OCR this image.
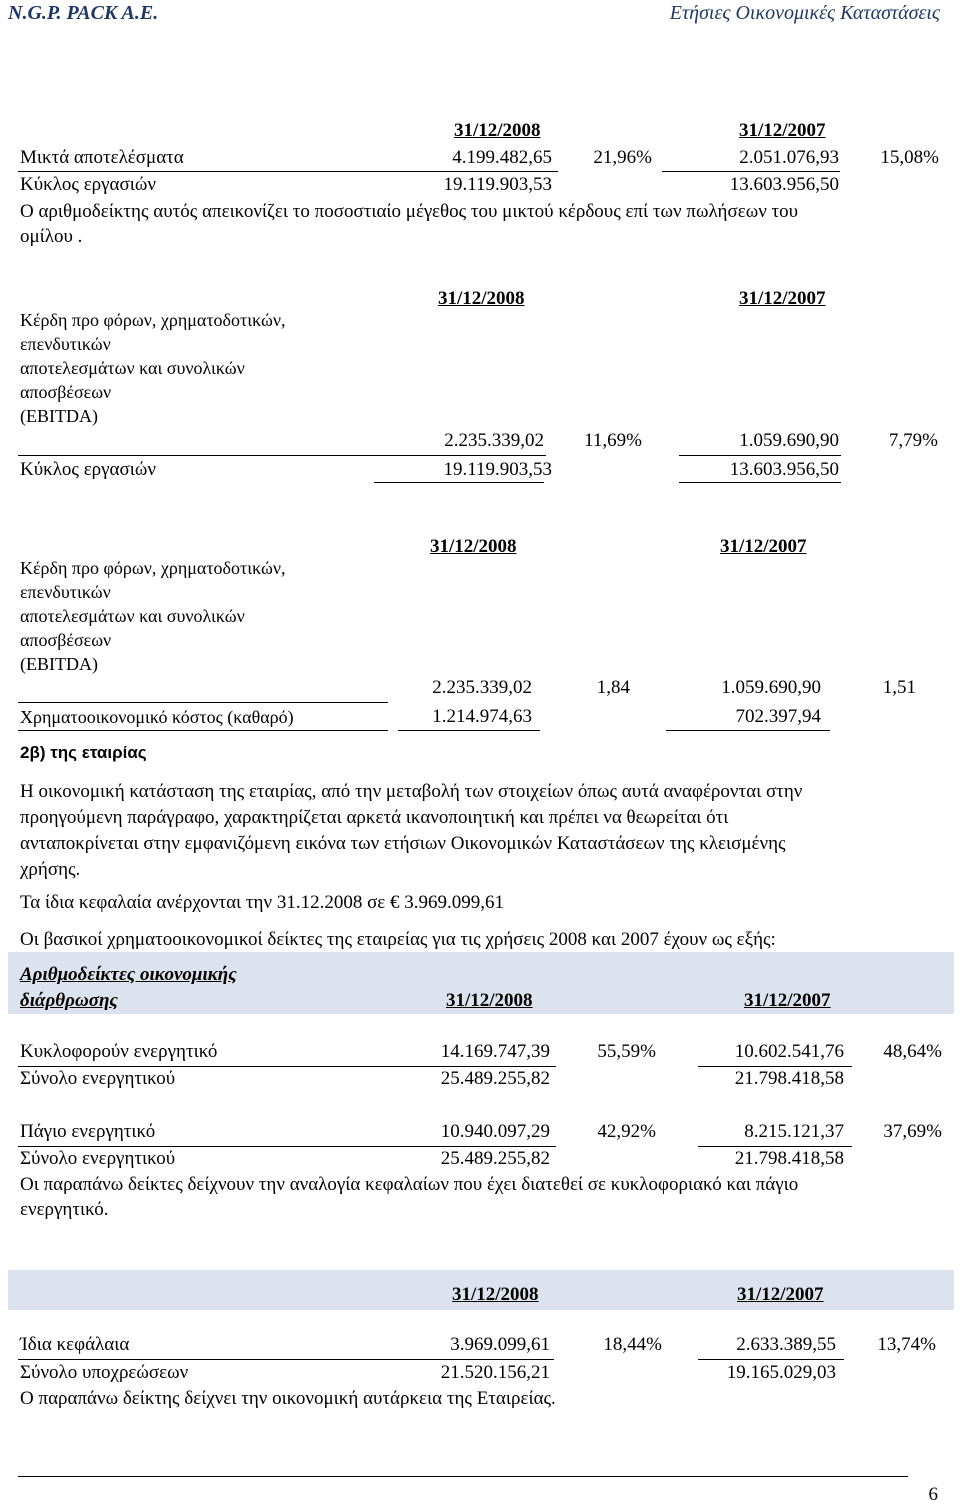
N.G.P. PACK A.E.	Ετήσιες Οικονομικές Καταστάσεις
31/12/2008	31/12/2007
Μικτά αποτελέσματα	4.199.482,65	21,96%	2.051.076,93	15,08%
Κύκλος εργασιών	19.119.903,53	13.603.956,50
Ο αριθμοδείκτης αυτός απεικονίζει το ποσοστιαίο μέγεθος του μικτού κέρδους επί των πωλήσεων του
ομίλου .
31/12/2008	31/12/2007
Κέρδη προ φόρων, χρηματοδοτικών,
επενδυτικών
αποτελεσμάτων και συνολικών
αποσβέσεων
(EBITDA)
2.235.339,02	11,69%	1.059.690,90	7,79%
Κύκλος εργασιών	19.119.903,53	13.603.956,50
31/12/2008	31/12/2007
Κέρδη προ φόρων, χρηματοδοτικών,
επενδυτικών
αποτελεσμάτων και συνολικών
αποσβέσεων
(EBITDA)
2.235.339,02	1,84	1.059.690,90	1,51
Χρηματοοικονομικό κόστος (καθαρό)	1.214.974,63	702.397,94
2β) της εταιρίας
Η οικονομική κατάσταση της εταιρίας, από την μεταβολή των στοιχείων όπως αυτά αναφέρονται στην
προηγούμενη παράγραφο, χαρακτηρίζεται αρκετά ικανοποιητική και πρέπει να θεωρείται ότι
ανταποκρίνεται στην εμφανιζόμενη εικόνα των ετήσιων Οικονομικών Καταστάσεων της κλεισμένης
χρήσης.
Τα ίδια κεφαλαία ανέρχονται την 31.12.2008 σε € 3.969.099,61
Οι βασικοί χρηματοοικονομικοί δείκτες της εταιρείας για τις χρήσεις 2008 και 2007 έχουν ως εξής:
Αριθμοδείκτες οικονομικής
διάρθρωσης	31/12/2008	31/12/2007
Κυκλοφορούν ενεργητικό	14.169.747,39	55,59%	10.602.541,76	48,64%
Σύνολο ενεργητικού	25.489.255,82	21.798.418,58
Πάγιο ενεργητικό	10.940.097,29	42,92%	8.215.121,37	37,69%
Σύνολο ενεργητικού	25.489.255,82	21.798.418,58
Οι παραπάνω δείκτες δείχνουν την αναλογία κεφαλαίων που έχει διατεθεί σε κυκλοφοριακό και πάγιο
ενεργητικό.
31/12/2008	31/12/2007
Ίδια κεφάλαια	3.969.099,61	18,44%	2.633.389,55	13,74%
Σύνολο υποχρεώσεων	21.520.156,21	19.165.029,03
Ο παραπάνω δείκτης δείχνει την οικονομική αυτάρκεια της Εταιρείας.
6
